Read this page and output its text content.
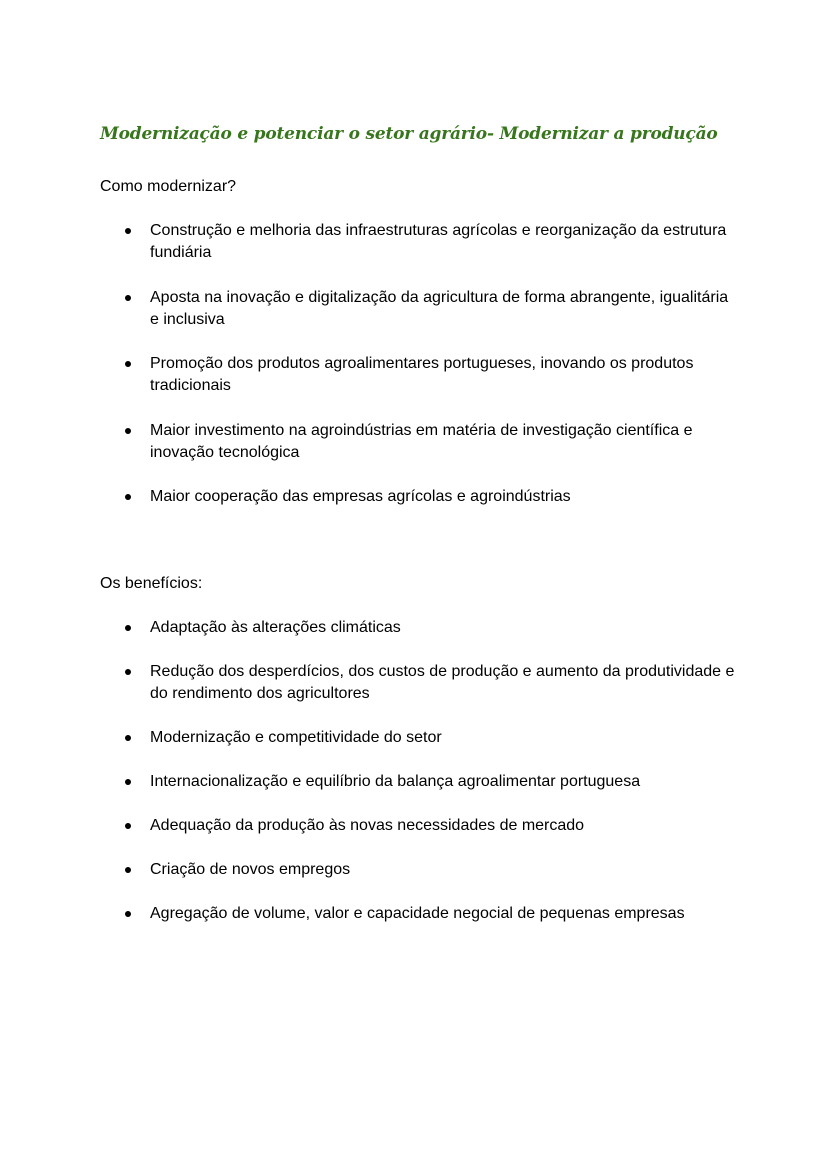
Modernização e potenciar o setor agrário- Modernizar a produção
Como modernizar?
Construção e melhoria das infraestruturas agrícolas e reorganização da estrutura fundiária
Aposta na inovação e digitalização da agricultura de forma abrangente, igualitária e inclusiva
Promoção dos produtos agroalimentares portugueses, inovando os produtos tradicionais
Maior investimento na agroindústrias em matéria de investigação científica e inovação tecnológica
Maior cooperação das empresas agrícolas e agroindústrias
Os benefícios:
Adaptação às alterações climáticas
Redução dos desperdícios, dos custos de produção e aumento da produtividade e do rendimento dos agricultores
Modernização e competitividade do setor
Internacionalização e equilíbrio da balança agroalimentar portuguesa
Adequação da produção às novas necessidades de mercado
Criação de novos empregos
Agregação de volume, valor e capacidade negocial de pequenas empresas
